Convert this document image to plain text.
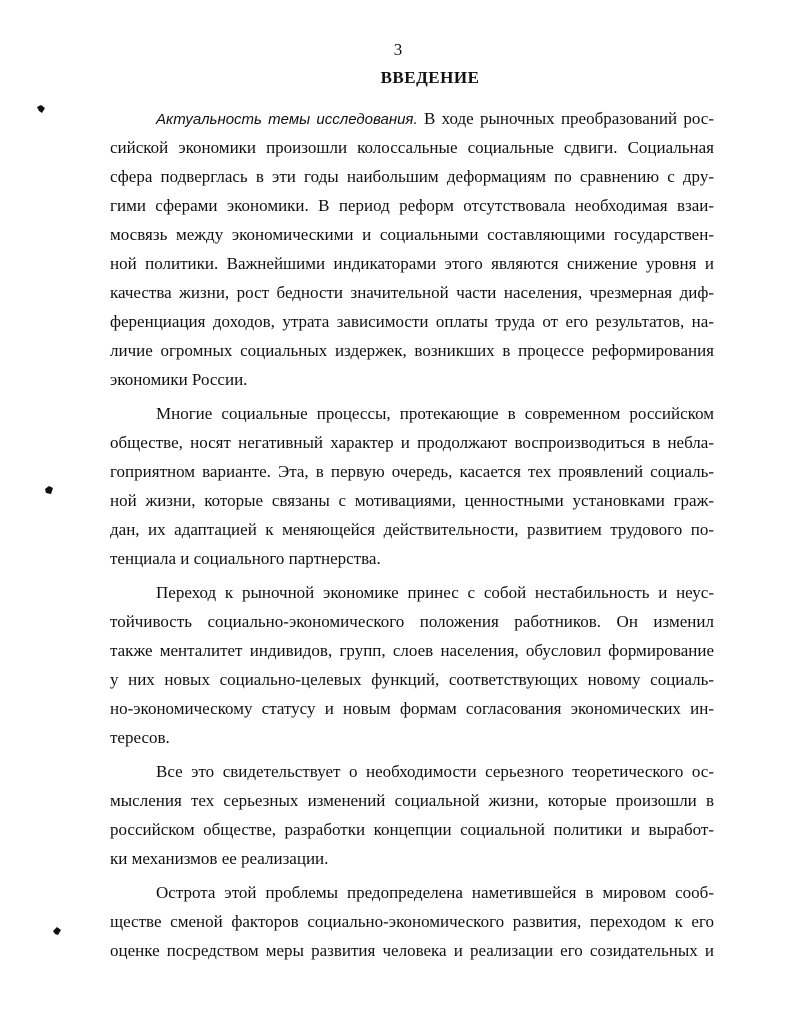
3
ВВЕДЕНИЕ
Актуальность темы исследования. В ходе рыночных преобразований рос-
сийской экономики произошли колоссальные социальные сдвиги. Социальная
сфера подверглась в эти годы наибольшим деформациям по сравнению с дру-
гими сферами экономики. В период реформ отсутствовала необходимая взаи-
мосвязь между экономическими и социальными составляющими государствен-
ной политики. Важнейшими индикаторами этого являются снижение уровня и
качества жизни, рост бедности значительной части населения, чрезмерная диф-
ференциация доходов, утрата зависимости оплаты труда от его результатов, на-
личие огромных социальных издержек, возникших в процессе реформирования
экономики России.
Многие социальные процессы, протекающие в современном российском
обществе, носят негативный характер и продолжают воспроизводиться в небла-
гоприятном варианте. Эта, в первую очередь, касается тех проявлений социаль-
ной жизни, которые связаны с мотивациями, ценностными установками граж-
дан, их адаптацией к меняющейся действительности, развитием трудового по-
тенциала и социального партнерства.
Переход к рыночной экономике принес с собой нестабильность и неус-
тойчивость социально-экономического положения работников. Он изменил
также менталитет индивидов, групп, слоев населения, обусловил формирование
у них новых социально-целевых функций, соответствующих новому социаль-
но-экономическому статусу и новым формам согласования экономических ин-
тересов.
Все это свидетельствует о необходимости серьезного теоретического ос-
мысления тех серьезных изменений социальной жизни, которые произошли в
российском обществе, разработки концепции социальной политики и выработ-
ки механизмов ее реализации.
Острота этой проблемы предопределена наметившейся в мировом сооб-
ществе сменой факторов социально-экономического развития, переходом к его
оценке посредством меры развития человека и реализации его созидательных и
